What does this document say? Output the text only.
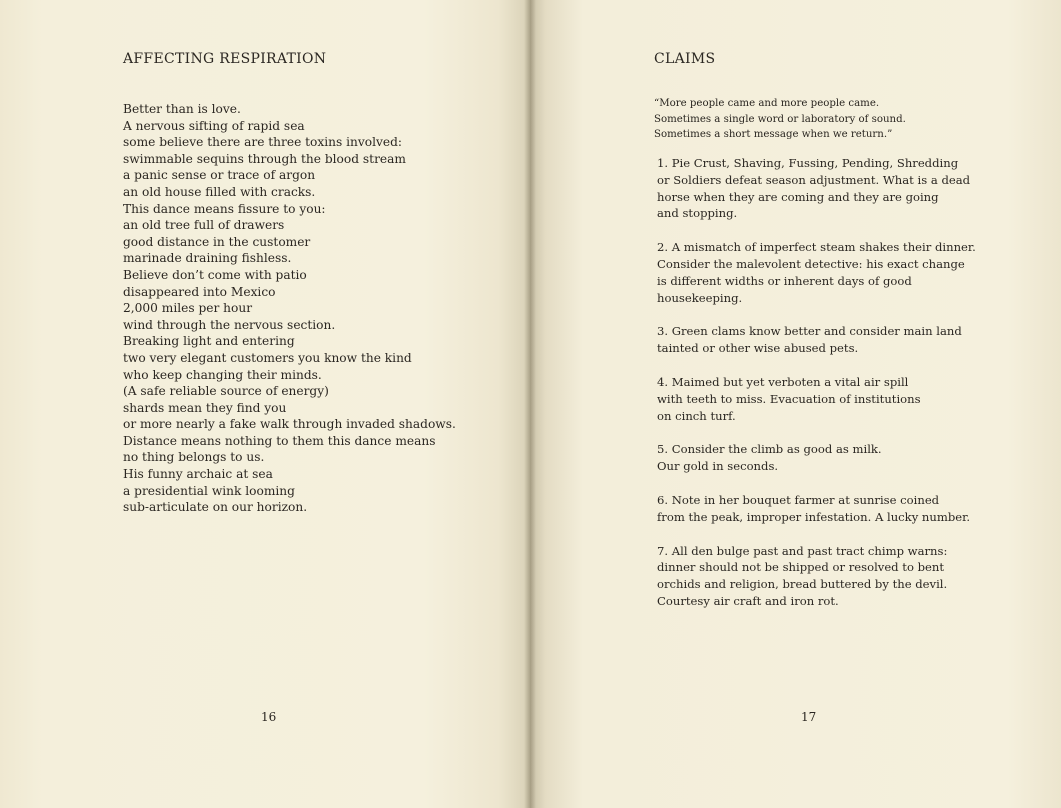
AFFECTING RESPIRATION
Better than is love.
A nervous sifting of rapid sea
some believe there are three toxins involved:
swimmable sequins through the blood stream
a panic sense or trace of argon
an old house filled with cracks.
This dance means fissure to you:
an old tree full of drawers
good distance in the customer
marinade draining fishless.
Believe don’t come with patio
disappeared into Mexico
2,000 miles per hour
wind through the nervous section.
Breaking light and entering
two very elegant customers you know the kind
who keep changing their minds.
(A safe reliable source of energy)
shards mean they find you
or more nearly a fake walk through invaded shadows.
Distance means nothing to them this dance means
no thing belongs to us.
His funny archaic at sea
a presidential wink looming
sub-articulate on our horizon.
16
CLAIMS
“More people came and more people came.
Sometimes a single word or laboratory of sound.
Sometimes a short message when we return.”
1. Pie Crust, Shaving, Fussing, Pending, Shredding
or Soldiers defeat season adjustment. What is a dead
horse when they are coming and they are going
and stopping.
2. A mismatch of imperfect steam shakes their dinner.
Consider the malevolent detective: his exact change
is different widths or inherent days of good
housekeeping.
3. Green clams know better and consider main land
tainted or other wise abused pets.
4. Maimed but yet verboten a vital air spill
with teeth to miss. Evacuation of institutions
on cinch turf.
5. Consider the climb as good as milk.
Our gold in seconds.
6. Note in her bouquet farmer at sunrise coined
from the peak, improper infestation. A lucky number.
7. All den bulge past and past tract chimp warns:
dinner should not be shipped or resolved to bent
orchids and religion, bread buttered by the devil.
Courtesy air craft and iron rot.
17
